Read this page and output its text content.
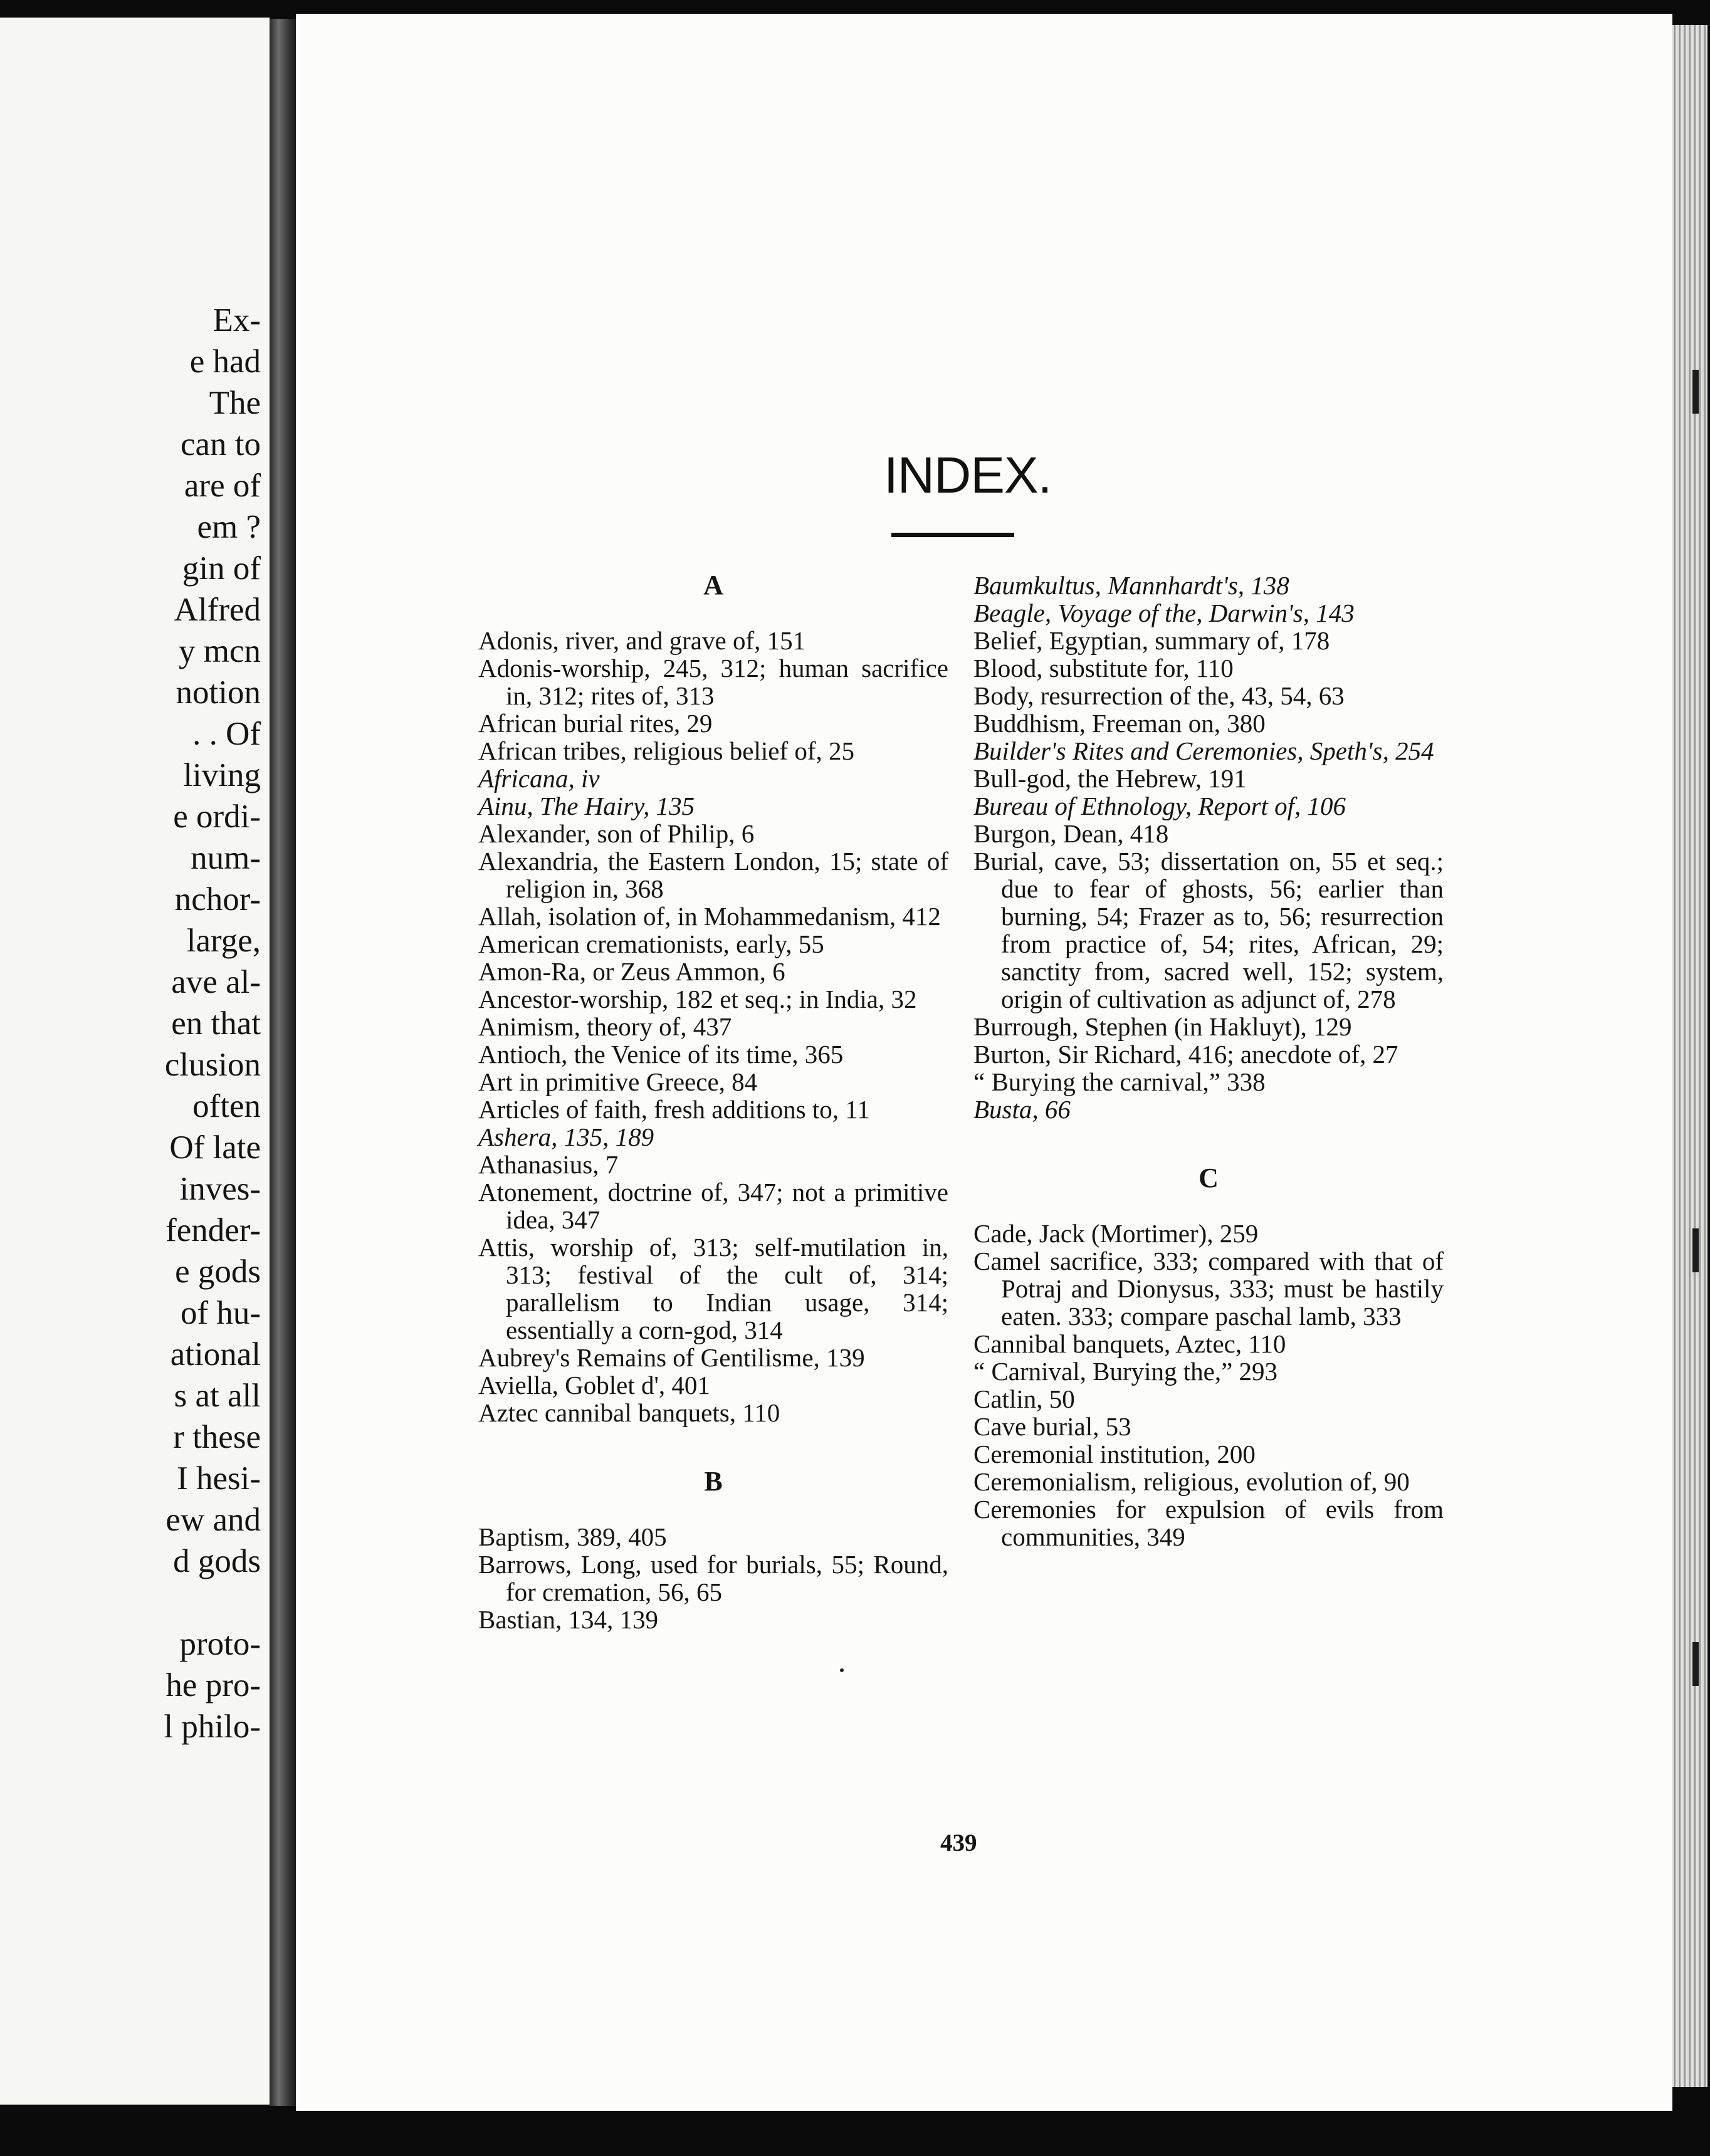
Ex-
e had
The
can to
are of
em ?
gin of
Alfred
y mcn
notion
. . Of
living
e ordi-
num-
nchor-
large,
ave al-
en that
clusion
often
Of late
inves-
fender-
e gods
of hu-
ational
s at all
r these
I hesi-
ew and
d gods
proto-
he pro-
l philo-
INDEX.
A
Adonis, river, and grave of, 151
Adonis-worship, 245, 312; human sacrifice in, 312; rites of, 313
African burial rites, 29
African tribes, religious belief of, 25
Africana, iv
Ainu, The Hairy, 135
Alexander, son of Philip, 6
Alexandria, the Eastern London, 15; state of religion in, 368
Allah, isolation of, in Mohammedanism, 412
American cremationists, early, 55
Amon-Ra, or Zeus Ammon, 6
Ancestor-worship, 182 et seq.; in India, 32
Animism, theory of, 437
Antioch, the Venice of its time, 365
Art in primitive Greece, 84
Articles of faith, fresh additions to, 11
Ashera, 135, 189
Athanasius, 7
Atonement, doctrine of, 347; not a primitive idea, 347
Attis, worship of, 313; self-mutilation in, 313; festival of the cult of, 314; parallelism to Indian usage, 314; essentially a corn-god, 314
Aubrey's Remains of Gentilisme, 139
Aviella, Goblet d', 401
Aztec cannibal banquets, 110
B
Baptism, 389, 405
Barrows, Long, used for burials, 55; Round, for cremation, 56, 65
Bastian, 134, 139
Baumkultus, Mannhardt's, 138
Beagle, Voyage of the, Darwin's, 143
Belief, Egyptian, summary of, 178
Blood, substitute for, 110
Body, resurrection of the, 43, 54, 63
Buddhism, Freeman on, 380
Builder's Rites and Ceremonies, Speth's, 254
Bull-god, the Hebrew, 191
Bureau of Ethnology, Report of, 106
Burgon, Dean, 418
Burial, cave, 53; dissertation on, 55 et seq.; due to fear of ghosts, 56; earlier than burning, 54; Frazer as to, 56; resurrection from practice of, 54; rites, African, 29; sanctity from, sacred well, 152; system, origin of cultivation as adjunct of, 278
Burrough, Stephen (in Hakluyt), 129
Burton, Sir Richard, 416; anecdote of, 27
“ Burying the carnival,” 338
Busta, 66
C
Cade, Jack (Mortimer), 259
Camel sacrifice, 333; compared with that of Potraj and Dionysus, 333; must be hastily eaten. 333; compare paschal lamb, 333
Cannibal banquets, Aztec, 110
“ Carnival, Burying the,” 293
Catlin, 50
Cave burial, 53
Ceremonial institution, 200
Ceremonialism, religious, evolution of, 90
Ceremonies for expulsion of evils from communities, 349
439
